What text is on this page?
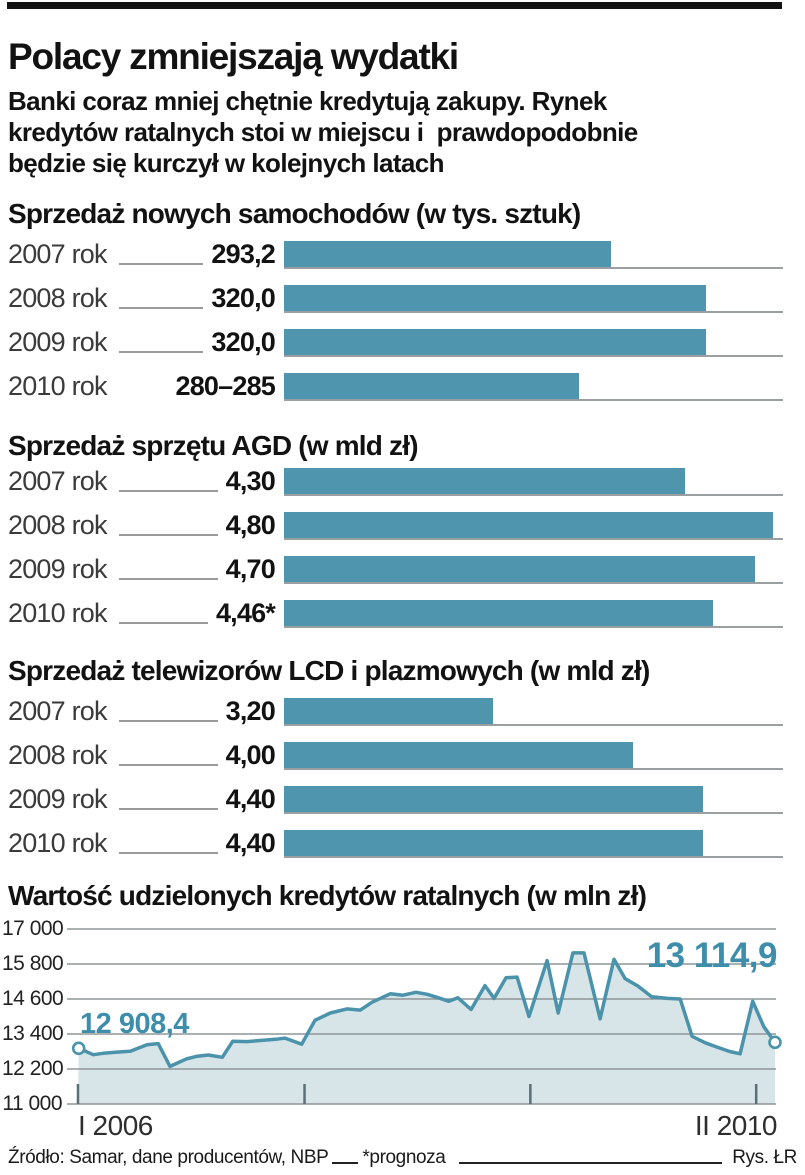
Polacy zmniejszają wydatki
Banki coraz mniej chętnie kredytują zakupy. Rynek
kredytów ratalnych stoi w miejscu i  prawdopodobnie
będzie się kurczył w kolejnych latach
Sprzedaż nowych samochodów (w tys. sztuk)
2007 rok	293,2
2008 rok	320,0
2009 rok	320,0
2010 rok	280–285
Sprzedaż sprzętu AGD (w mld zł)
2007 rok	4,30
2008 rok	4,80
2009 rok	4,70
2010 rok	4,46*
Sprzedaż telewizorów LCD i plazmowych (w mld zł)
2007 rok	3,20
2008 rok	4,00
2009 rok	4,40
2010 rok	4,40
Wartość udzielonych kredytów ratalnych (w mln zł)
17 000
15 800
14 600
13 400
12 200
11 000
12 908,4
13 114,9
I 2006	II 2010
Źródło: Samar, dane producentów, NBP *prognoza	Rys. ŁR
